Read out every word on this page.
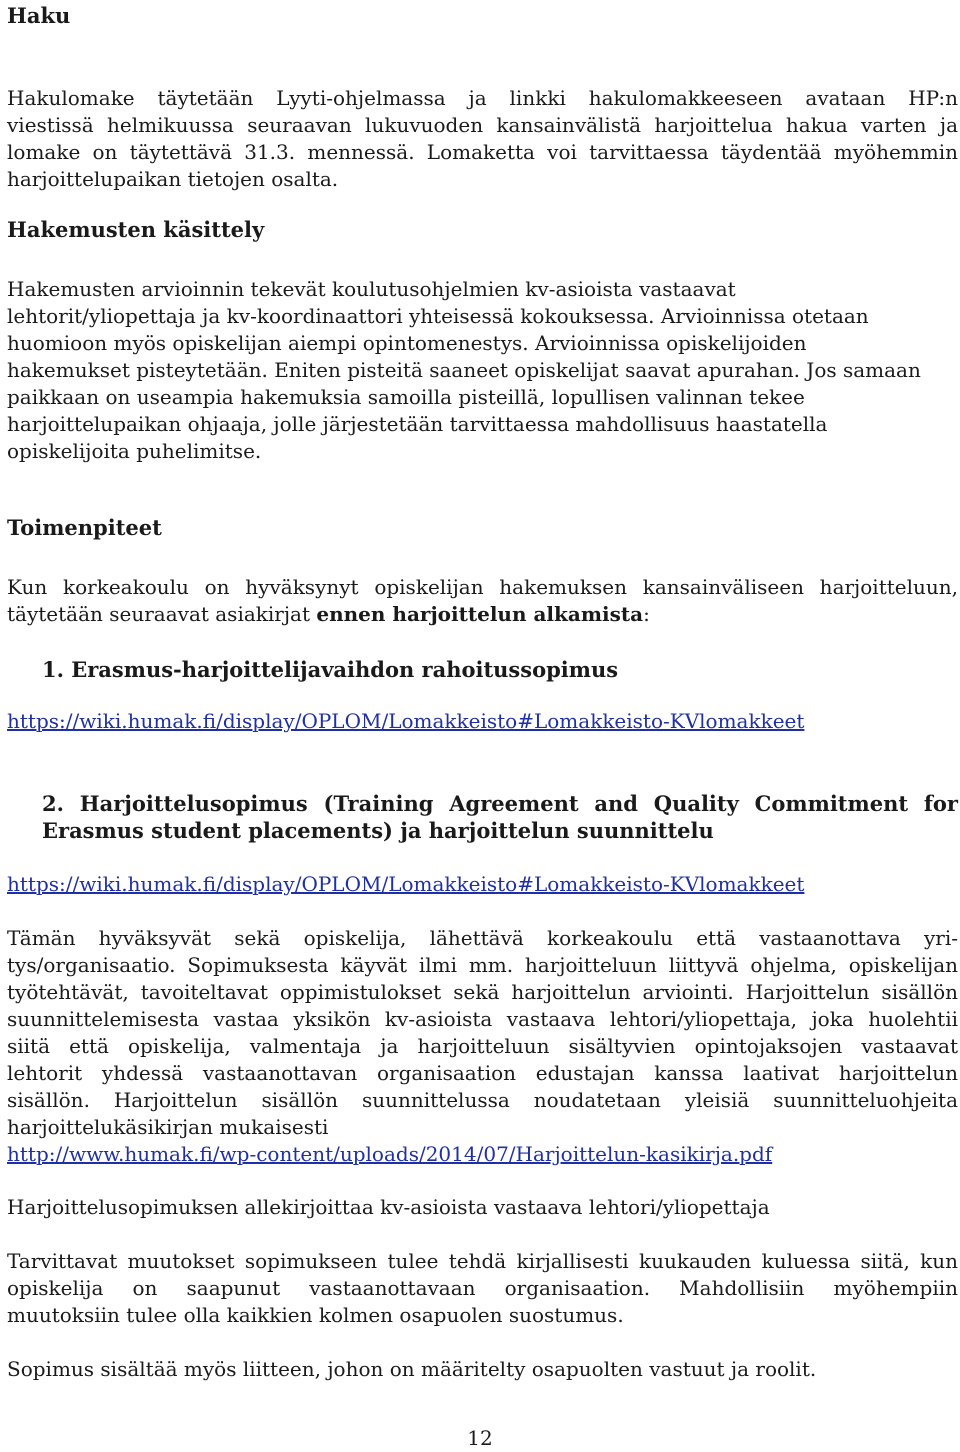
Haku
Hakulomake täytetään Lyyti-ohjelmassa ja linkki hakulomakkeeseen avataan HP:n
viestissä helmikuussa seuraavan lukuvuoden kansainvälistä harjoittelua hakua varten ja
lomake on täytettävä 31.3. mennessä. Lomaketta voi tarvittaessa täydentää myöhemmin
harjoittelupaikan tietojen osalta.
Hakemusten käsittely
Hakemusten arvioinnin tekevät koulutusohjelmien kv-asioista vastaavat
lehtorit/yliopettaja ja kv-koordinaattori yhteisessä kokouksessa. Arvioinnissa otetaan
huomioon myös opiskelijan aiempi opintomenestys. Arvioinnissa opiskelijoiden
hakemukset pisteytetään. Eniten pisteitä saaneet opiskelijat saavat apurahan. Jos samaan
paikkaan on useampia hakemuksia samoilla pisteillä, lopullisen valinnan tekee
harjoittelupaikan ohjaaja, jolle järjestetään tarvittaessa mahdollisuus haastatella
opiskelijoita puhelimitse.
Toimenpiteet
Kun korkeakoulu on hyväksynyt opiskelijan hakemuksen kansainväliseen harjoitteluun,
täytetään seuraavat asiakirjat ennen harjoittelun alkamista:

1. Erasmus-harjoittelijavaihdon rahoitussopimus

https://wiki.humak.fi/display/OPLOM/Lomakkeisto#Lomakkeisto-KVlomakkeet
2. Harjoittelusopimus (Training Agreement and Quality Commitment for
Erasmus student placements) ja harjoittelun suunnittelu
https://wiki.humak.fi/display/OPLOM/Lomakkeisto#Lomakkeisto-KVlomakkeet
Tämän hyväksyvät sekä opiskelija, lähettävä korkeakoulu että vastaanottava yri-
tys/organisaatio. Sopimuksesta käyvät ilmi mm. harjoitteluun liittyvä ohjelma, opiskelijan
työtehtävät, tavoiteltavat oppimistulokset sekä harjoittelun arviointi. Harjoittelun sisällön
suunnittelemisesta vastaa yksikön kv-asioista vastaava lehtori/yliopettaja, joka huolehtii
siitä että opiskelija, valmentaja ja harjoitteluun sisältyvien opintojaksojen vastaavat
lehtorit yhdessä vastaanottavan organisaation edustajan kanssa laativat harjoittelun
sisällön. Harjoittelun sisällön suunnittelussa noudatetaan yleisiä suunnitteluohjeita
harjoittelukäsikirjan mukaisesti
http://www.humak.fi/wp-content/uploads/2014/07/Harjoittelun-kasikirja.pdf
Harjoittelusopimuksen allekirjoittaa kv-asioista vastaava lehtori/yliopettaja
Tarvittavat muutokset sopimukseen tulee tehdä kirjallisesti kuukauden kuluessa siitä, kun
opiskelija on saapunut vastaanottavaan organisaation. Mahdollisiin myöhempiin
muutoksiin tulee olla kaikkien kolmen osapuolen suostumus.
Sopimus sisältää myös liitteen, johon on määritelty osapuolten vastuut ja roolit.
12
